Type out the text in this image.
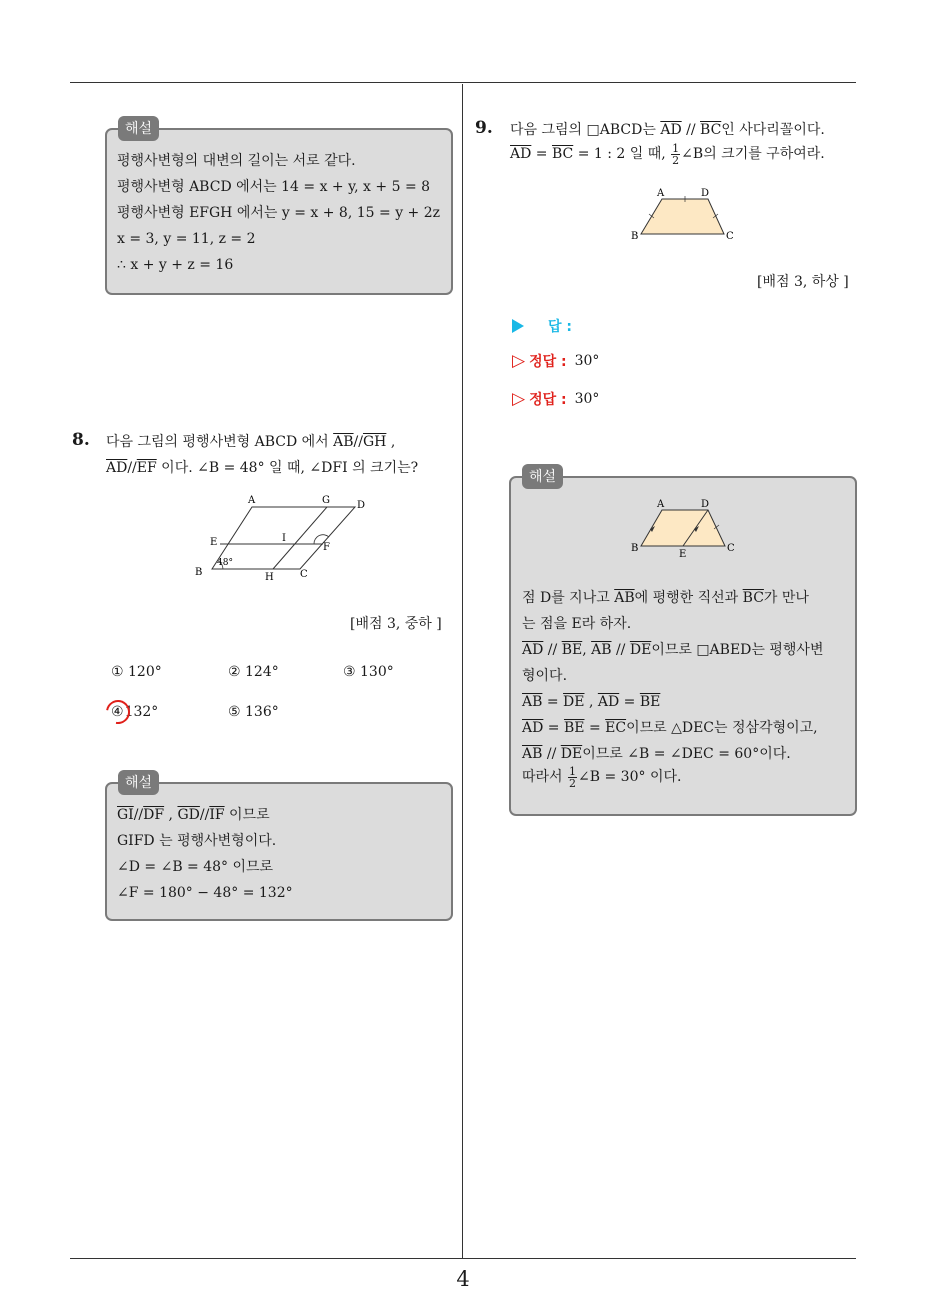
4
해설
평행사변형의 대변의 길이는 서로 같다.
평행사변형 ABCD 에서는 14 = x + y, x + 5 = 8
평행사변형 EFGH 에서는 y = x + 8, 15 = y + 2z
x = 3, y = 11, z = 2
∴ x + y + z = 16
8. 다음 그림의 평행사변형 ABCD 에서 $\overline{AB}//\overline{GH}$ ,
$\overline{AD}//\overline{EF}$ 이다. ∠B = 48° 일 때, ∠DFI 의 크기는?
A	G	D
E	I
F
B	H	C
48°
[배점 3, 중하 ]
① 120°	② 124°	③ 130°
④132°	⑤ 136°
해설
$\overline{GI}//\overline{DF}$ , $\overline{GD}//\overline{IF}$ 이므로
GIFD 는 평행사변형이다.
∠D = ∠B = 48° 이므로
∠F = 180° − 48° = 132°
9. 다음 그림의 □ABCD는 $\overline{AD} // \overline{BC}$인 사다리꼴이다.
$\overline{AD} = \overline{BC} = 1$ : 2 일 때, $\frac{1}{2}$ ∠B의 크기를 구하여라.
A	D
B	C
[배점 3, 하상 ]
답 :
▷ 정답 : 30°
▷ 정답 : 30°
해설
A	D
B
E
C
점 D를 지나고 $\overline{AB}$에 평행한 직선과 $\overline{BC}$가 만나
는 점을 E라 하자.
$\overline{AD} // \overline{BE}$, $\overline{AB} // \overline{DE}$이므로 □ABED는 평행사변
형이다.
$\overline{AB} = \overline{DE}$ , $\overline{AD} = \overline{BE}$
$\overline{AD} = \overline{BE} = \overline{EC}$이므로 △DEC는 정삼각형이고,
$\overline{AB} // \overline{DE}$이므로 ∠B = ∠DEC = 60°이다.
따라서 $\frac{1}{2}$ ∠B = 30° 이다.
